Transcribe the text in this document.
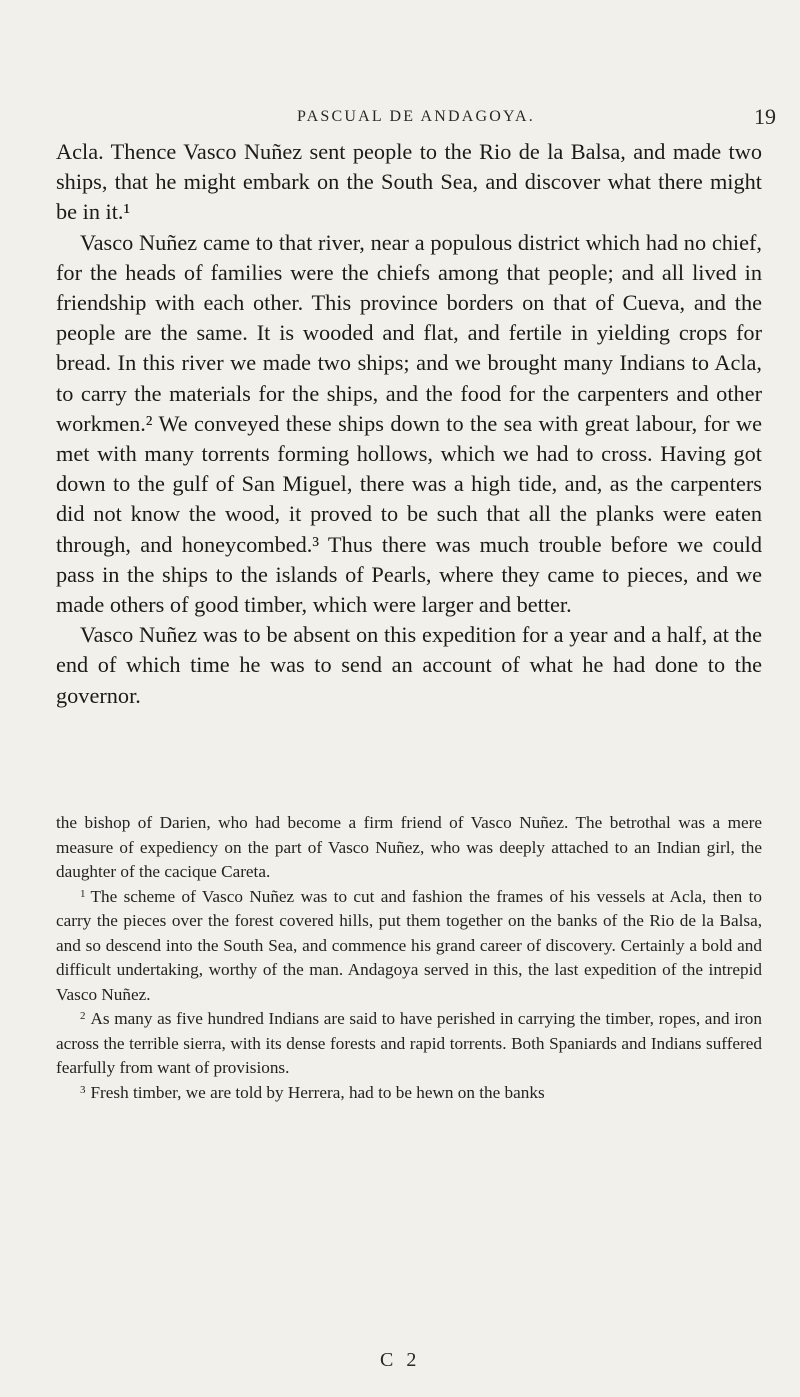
PASCUAL DE ANDAGOYA.	19

Acla. Thence Vasco Nuñez sent people to the Rio de la Balsa, and made two ships, that he might embark on the South Sea, and discover what there might be in it.¹

Vasco Nuñez came to that river, near a populous district which had no chief, for the heads of families were the chiefs among that people; and all lived in friendship with each other. This province borders on that of Cueva, and the people are the same. It is wooded and flat, and fertile in yielding crops for bread. In this river we made two ships; and we brought many Indians to Acla, to carry the materials for the ships, and the food for the carpenters and other workmen.² We conveyed these ships down to the sea with great labour, for we met with many torrents forming hollows, which we had to cross. Having got down to the gulf of San Miguel, there was a high tide, and, as the carpenters did not know the wood, it proved to be such that all the planks were eaten through, and honeycombed.³ Thus there was much trouble before we could pass in the ships to the islands of Pearls, where they came to pieces, and we made others of good timber, which were larger and better.

Vasco Nuñez was to be absent on this expedition for a year and a half, at the end of which time he was to send an account of what he had done to the governor.

the bishop of Darien, who had become a firm friend of Vasco Nuñez. The betrothal was a mere measure of expediency on the part of Vasco Nuñez, who was deeply attached to an Indian girl, the daughter of the cacique Careta.

$^1$ The scheme of Vasco Nuñez was to cut and fashion the frames of his vessels at Acla, then to carry the pieces over the forest covered hills, put them together on the banks of the Rio de la Balsa, and so descend into the South Sea, and commence his grand career of discovery. Certainly a bold and difficult undertaking, worthy of the man. Andagoya served in this, the last expedition of the intrepid Vasco Nuñez.

$^2$ As many as five hundred Indians are said to have perished in carrying the timber, ropes, and iron across the terrible sierra, with its dense forests and rapid torrents. Both Spaniards and Indians suffered fearfully from want of provisions.

$^3$ Fresh timber, we are told by Herrera, had to be hewn on the banks

C 2
